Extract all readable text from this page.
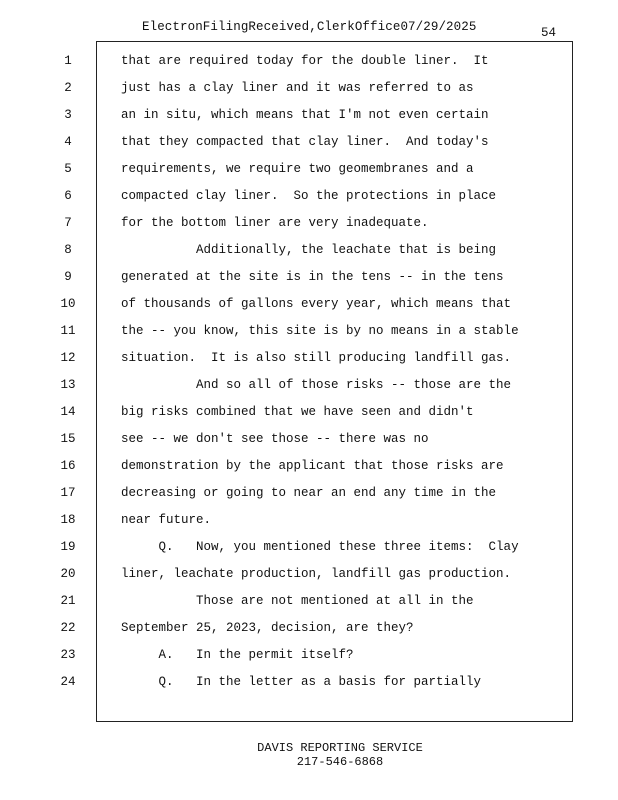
ElectronFilingReceived,ClerkOffice07/29/2025	54
1	that are required today for the double liner.  It
2	just has a clay liner and it was referred to as
3	an in situ, which means that I'm not even certain
4	that they compacted that clay liner.  And today's
5	requirements, we require two geomembranes and a
6	compacted clay liner.  So the protections in place
7	for the bottom liner are very inadequate.
8	Additionally, the leachate that is being
9	generated at the site is in the tens -- in the tens
10	of thousands of gallons every year, which means that
11	the -- you know, this site is by no means in a stable
12	situation.  It is also still producing landfill gas.
13	And so all of those risks -- those are the
14	big risks combined that we have seen and didn't
15	see -- we don't see those -- there was no
16	demonstration by the applicant that those risks are
17	decreasing or going to near an end any time in the
18	near future.
19	Q.   Now, you mentioned these three items:  Clay
20	liner, leachate production, landfill gas production.
21	Those are not mentioned at all in the
22	September 25, 2023, decision, are they?
23	A.   In the permit itself?
24	Q.   In the letter as a basis for partially
DAVIS REPORTING SERVICE
217-546-6868
